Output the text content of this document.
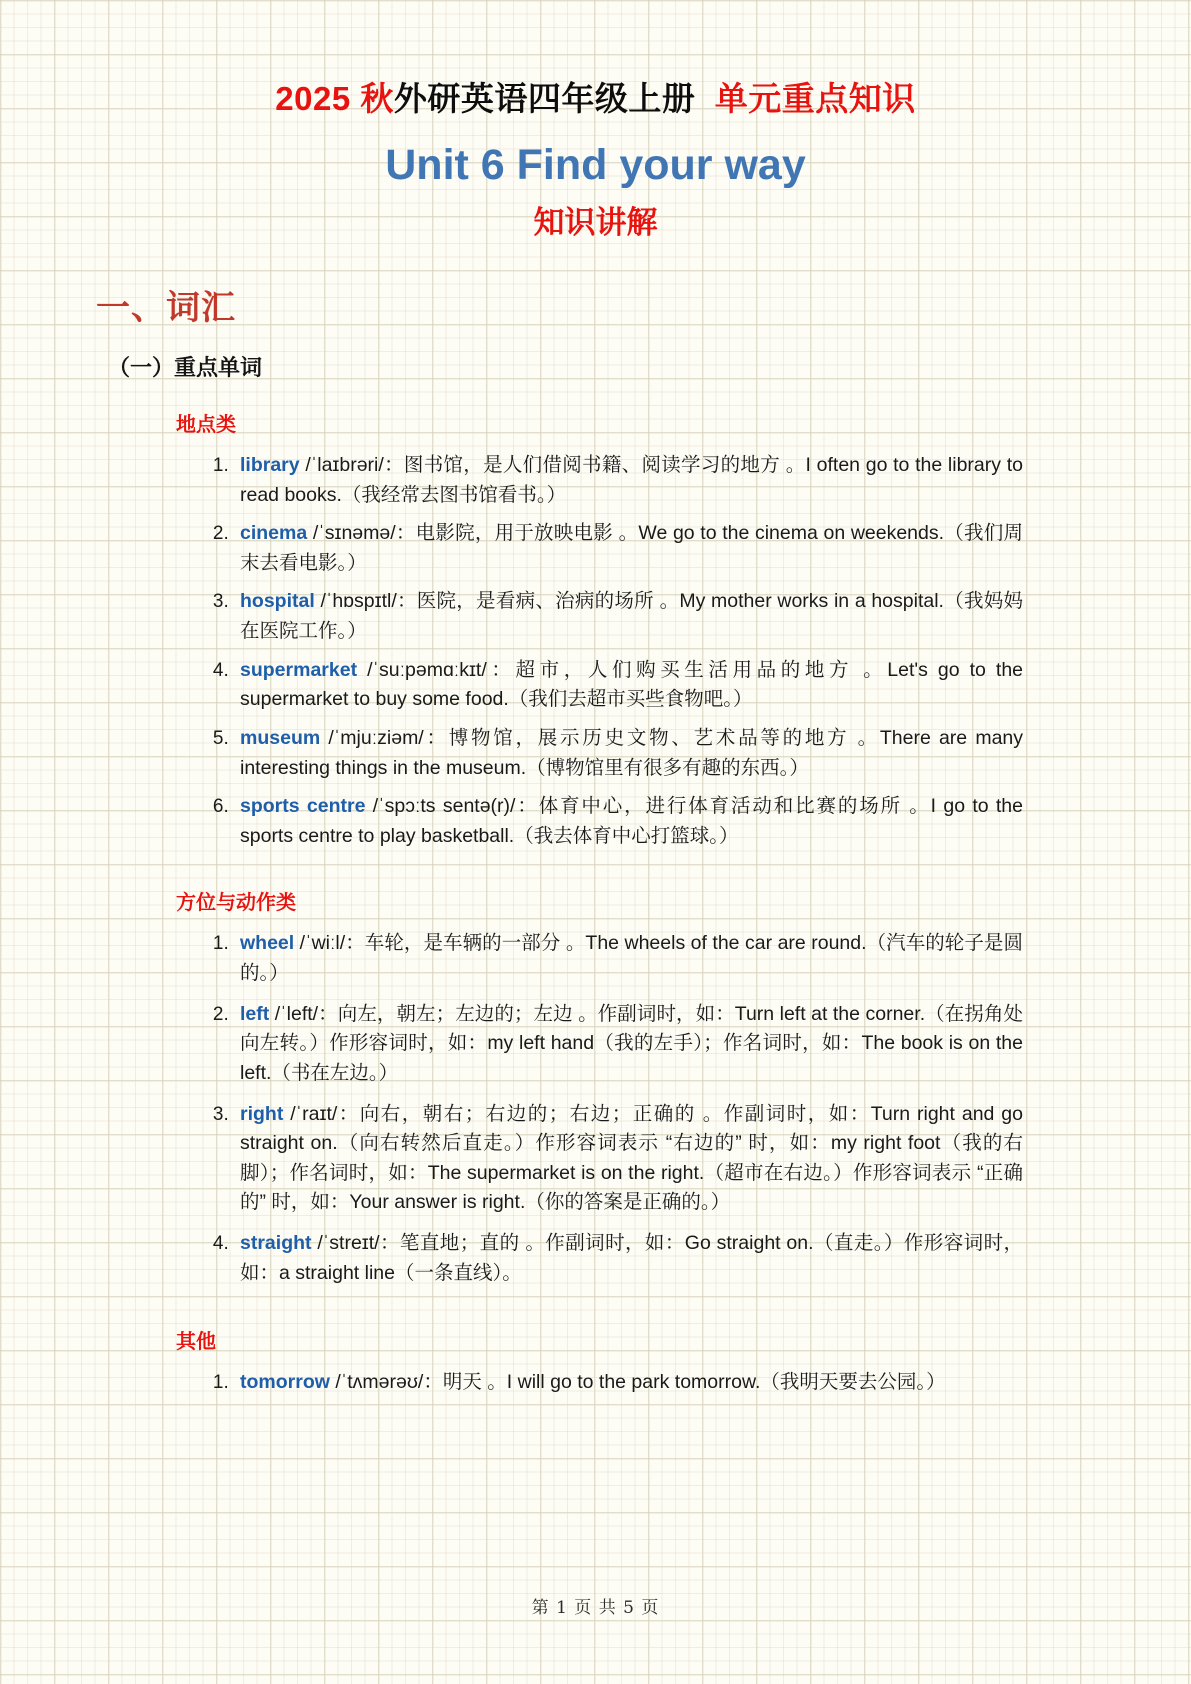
2025 秋外研英语四年级上册 单元重点知识
Unit 6 Find your way
知识讲解
一、词汇
（一）重点单词
地点类
1. library /ˈlaɪbrəri/：图书馆，是人们借阅书籍、阅读学习的地方 。I often go to the library to read books.（我经常去图书馆看书。）
2. cinema /ˈsɪnəmə/：电影院，用于放映电影 。We go to the cinema on weekends.（我们周末去看电影。）
3. hospital /ˈhɒspɪtl/：医院，是看病、治病的场所 。My mother works in a hospital.（我妈妈在医院工作。）
4. supermarket /ˈsuːpəmɑːkɪt/：超市，人们购买生活用品的地方 。Let's go to the supermarket to buy some food.（我们去超市买些食物吧。）
5. museum /ˈmjuːziəm/：博物馆，展示历史文物、艺术品等的地方 。There are many interesting things in the museum.（博物馆里有很多有趣的东西。）
6. sports centre /ˈspɔːts sentə(r)/：体育中心，进行体育活动和比赛的场所 。I go to the sports centre to play basketball.（我去体育中心打篮球。）
方位与动作类
1. wheel /ˈwiːl/：车轮，是车辆的一部分 。The wheels of the car are round.（汽车的轮子是圆的。）
2. left /ˈleft/：向左，朝左；左边的；左边 。作副词时，如：Turn left at the corner.（在拐角处向左转。）作形容词时，如：my left hand（我的左手）；作名词时，如：The book is on the left.（书在左边。）
3. right /ˈraɪt/：向右，朝右；右边的；右边；正确的 。作副词时，如：Turn right and go straight on.（向右转然后直走。）作形容词表示 “右边的” 时，如：my right foot（我的右脚）；作名词时，如：The supermarket is on the right.（超市在右边。）作形容词表示 “正确的” 时，如：Your answer is right.（你的答案是正确的。）
4. straight /ˈstreɪt/：笔直地；直的 。作副词时，如：Go straight on.（直走。）作形容词时，如：a straight line（一条直线）。
其他
1. tomorrow /ˈtʌmərəʊ/：明天 。I will go to the park tomorrow.（我明天要去公园。）
第 1 页 共 5 页
